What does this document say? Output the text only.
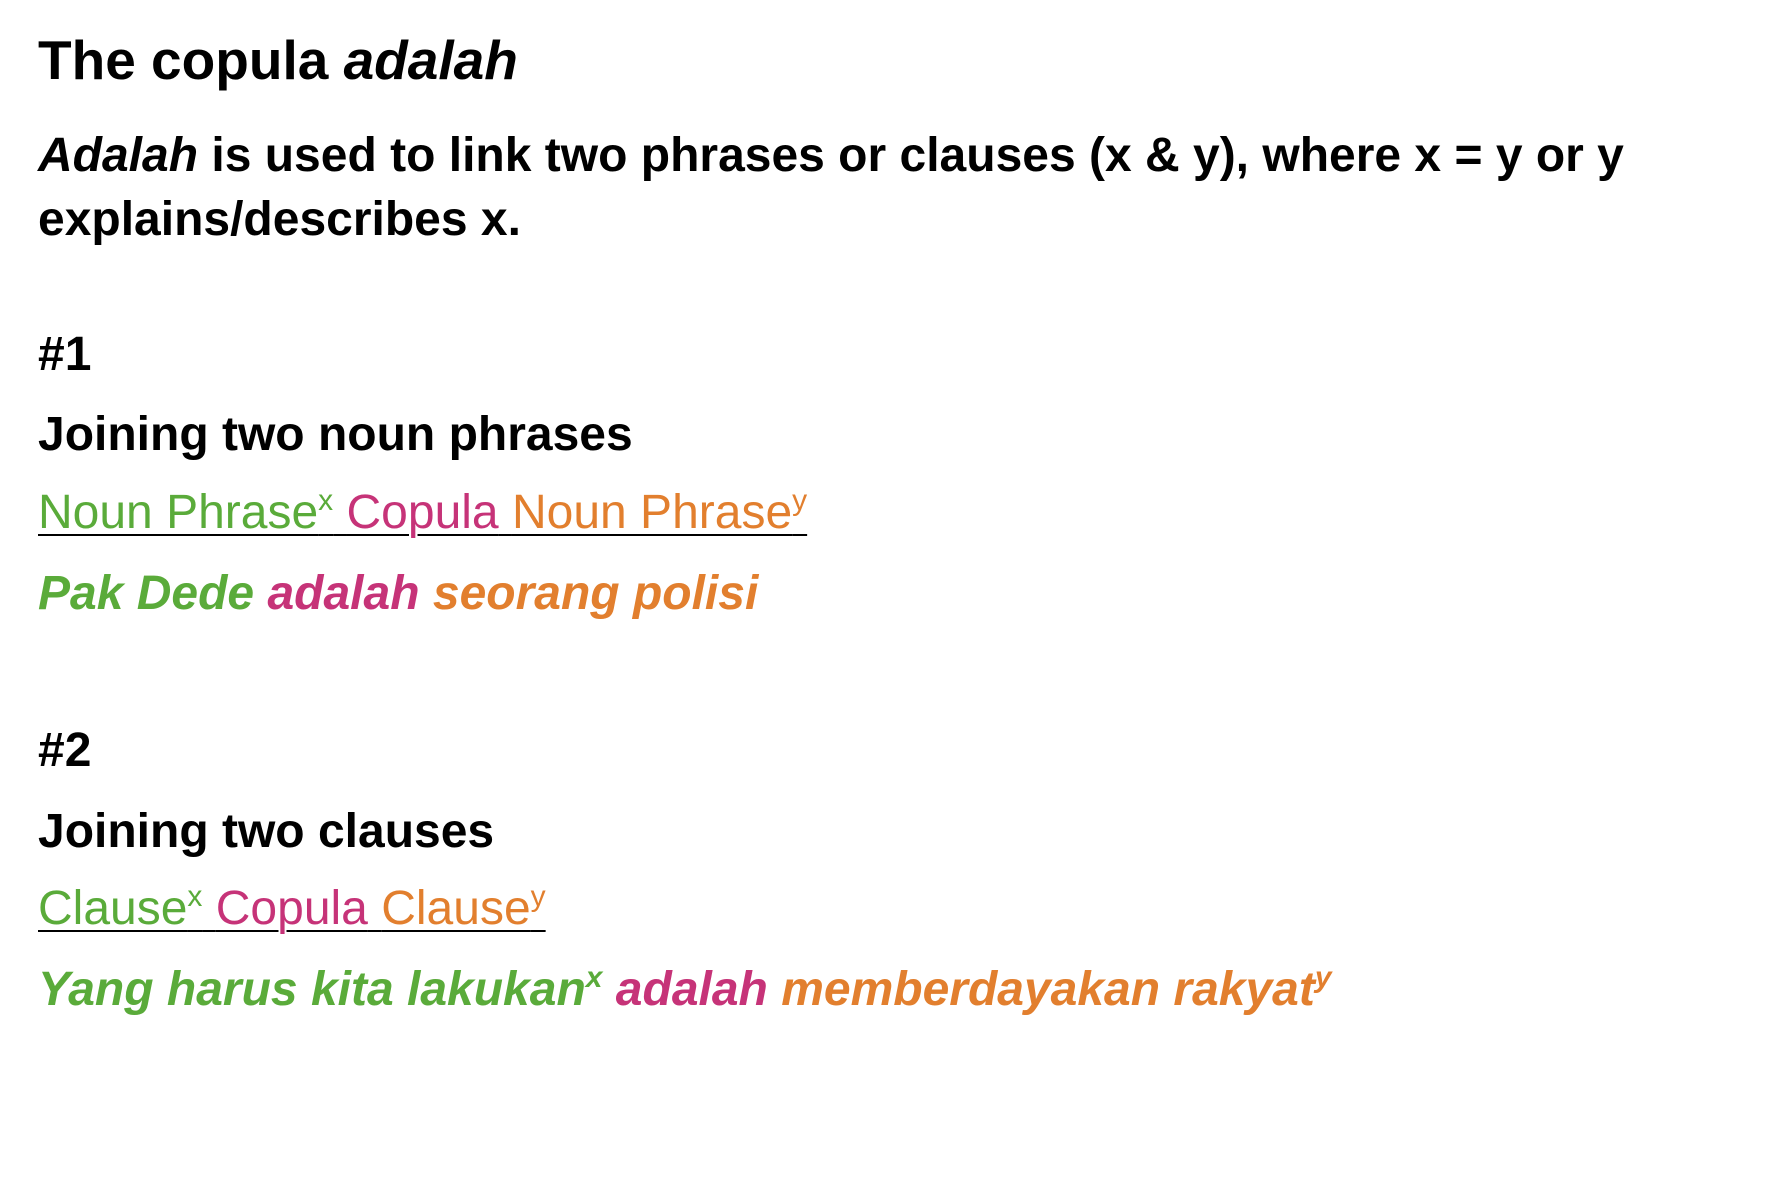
The copula adalah

Adalah is used to link two phrases or clauses (x & y), where x = y or y explains/describes x.

#1
Joining two noun phrases
Noun Phrase$^x$ Copula Noun Phrase$^y$
Pak Dede adalah seorang polisi
#2
Joining two clauses
Clause$^x$ Copula Clause$^y$
Yang harus kita lakukan$^x$ adalah memberdayakan rakyat$^y$
